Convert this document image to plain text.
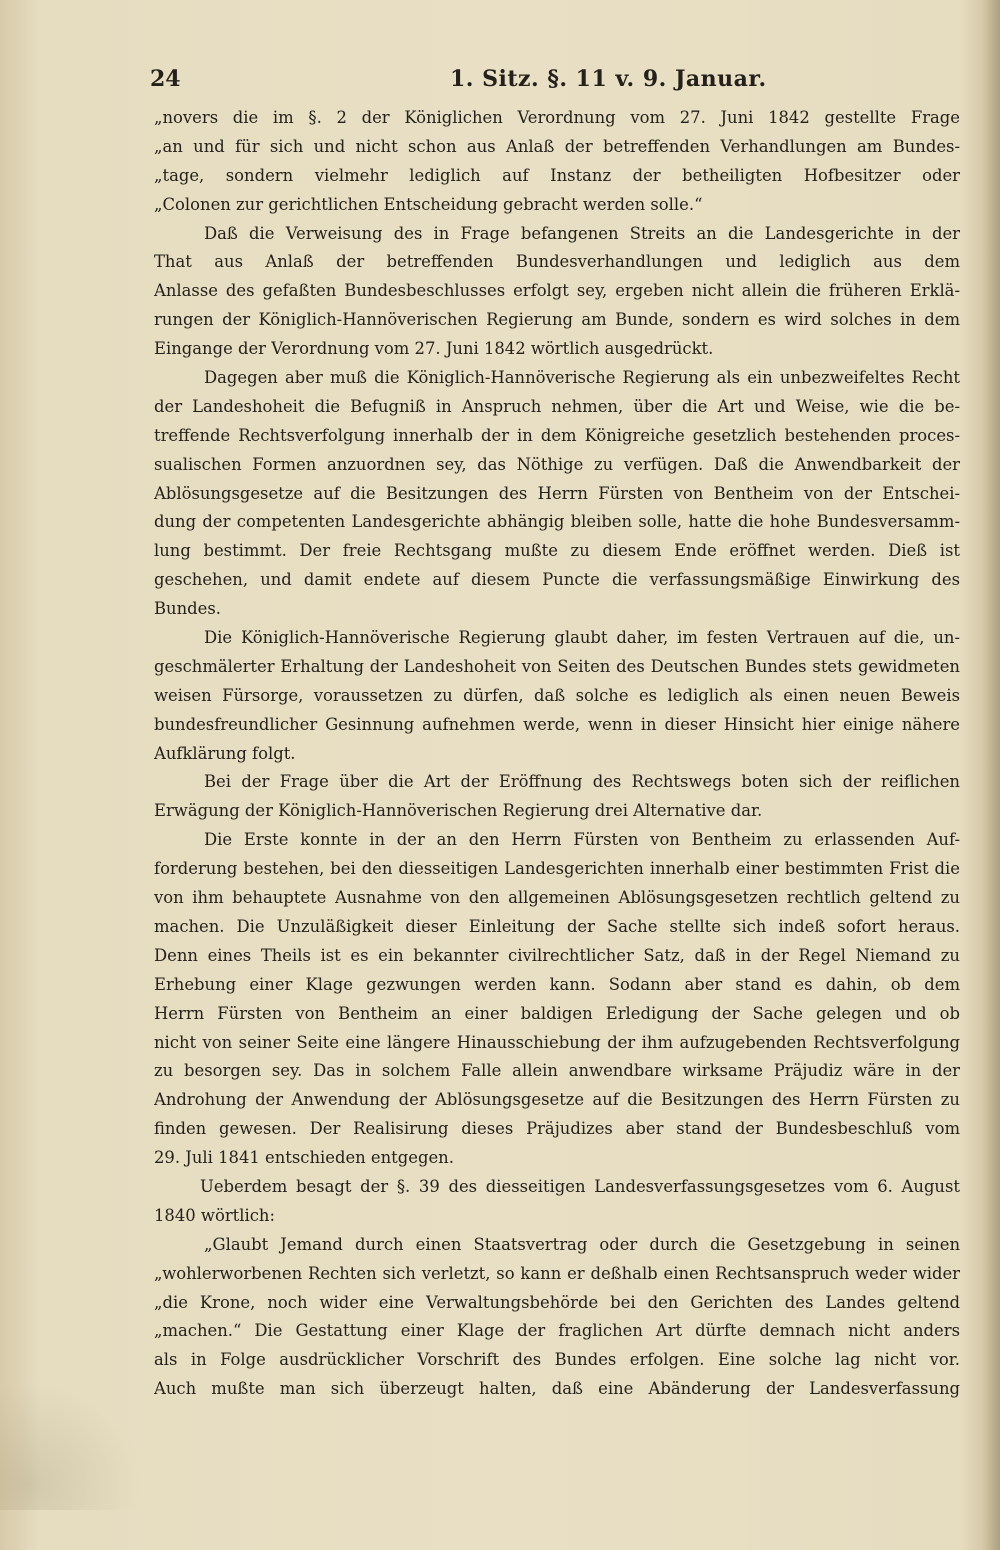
24	1. Sitz. §. 11 v. 9. Januar.
„novers die im §. 2 der Königlichen Verordnung vom 27. Juni 1842 gestellte Frage
„an und für sich und nicht schon aus Anlaß der betreffenden Verhandlungen am Bundes-
„tage, sondern vielmehr lediglich auf Instanz der betheiligten Hofbesitzer oder
„Colonen zur gerichtlichen Entscheidung gebracht werden solle.“
Daß die Verweisung des in Frage befangenen Streits an die Landesgerichte in der
That aus Anlaß der betreffenden Bundesverhandlungen und lediglich aus dem
Anlasse des gefaßten Bundesbeschlusses erfolgt sey, ergeben nicht allein die früheren Erklä-
rungen der Königlich-Hannöverischen Regierung am Bunde, sondern es wird solches in dem
Eingange der Verordnung vom 27. Juni 1842 wörtlich ausgedrückt.
Dagegen aber muß die Königlich-Hannöverische Regierung als ein unbezweifeltes Recht
der Landeshoheit die Befugniß in Anspruch nehmen, über die Art und Weise, wie die be-
treffende Rechtsverfolgung innerhalb der in dem Königreiche gesetzlich bestehenden proces-
sualischen Formen anzuordnen sey, das Nöthige zu verfügen. Daß die Anwendbarkeit der
Ablösungsgesetze auf die Besitzungen des Herrn Fürsten von Bentheim von der Entschei-
dung der competenten Landesgerichte abhängig bleiben solle, hatte die hohe Bundesversamm-
lung bestimmt. Der freie Rechtsgang mußte zu diesem Ende eröffnet werden. Dieß ist
geschehen, und damit endete auf diesem Puncte die verfassungsmäßige Einwirkung des
Bundes.
Die Königlich-Hannöverische Regierung glaubt daher, im festen Vertrauen auf die, un-
geschmälerter Erhaltung der Landeshoheit von Seiten des Deutschen Bundes stets gewidmeten
weisen Fürsorge, voraussetzen zu dürfen, daß solche es lediglich als einen neuen Beweis
bundesfreundlicher Gesinnung aufnehmen werde, wenn in dieser Hinsicht hier einige nähere
Aufklärung folgt.
Bei der Frage über die Art der Eröffnung des Rechtswegs boten sich der reiflichen
Erwägung der Königlich-Hannöverischen Regierung drei Alternative dar.
Die Erste konnte in der an den Herrn Fürsten von Bentheim zu erlassenden Auf-
forderung bestehen, bei den diesseitigen Landesgerichten innerhalb einer bestimmten Frist die
von ihm behauptete Ausnahme von den allgemeinen Ablösungsgesetzen rechtlich geltend zu
machen. Die Unzuläßigkeit dieser Einleitung der Sache stellte sich indeß sofort heraus.
Denn eines Theils ist es ein bekannter civilrechtlicher Satz, daß in der Regel Niemand zu
Erhebung einer Klage gezwungen werden kann. Sodann aber stand es dahin, ob dem
Herrn Fürsten von Bentheim an einer baldigen Erledigung der Sache gelegen und ob
nicht von seiner Seite eine längere Hinausschiebung der ihm aufzugebenden Rechtsverfolgung
zu besorgen sey. Das in solchem Falle allein anwendbare wirksame Präjudiz wäre in der
Androhung der Anwendung der Ablösungsgesetze auf die Besitzungen des Herrn Fürsten zu
finden gewesen. Der Realisirung dieses Präjudizes aber stand der Bundesbeschluß vom
29. Juli 1841 entschieden entgegen.
Ueberdem besagt der §. 39 des diesseitigen Landesverfassungsgesetzes vom 6. August
1840 wörtlich:
„Glaubt Jemand durch einen Staatsvertrag oder durch die Gesetzgebung in seinen
„wohlerworbenen Rechten sich verletzt, so kann er deßhalb einen Rechtsanspruch weder wider
„die Krone, noch wider eine Verwaltungsbehörde bei den Gerichten des Landes geltend
„machen.“ Die Gestattung einer Klage der fraglichen Art dürfte demnach nicht anders
als in Folge ausdrücklicher Vorschrift des Bundes erfolgen. Eine solche lag nicht vor.
Auch mußte man sich überzeugt halten, daß eine Abänderung der Landesverfassung
